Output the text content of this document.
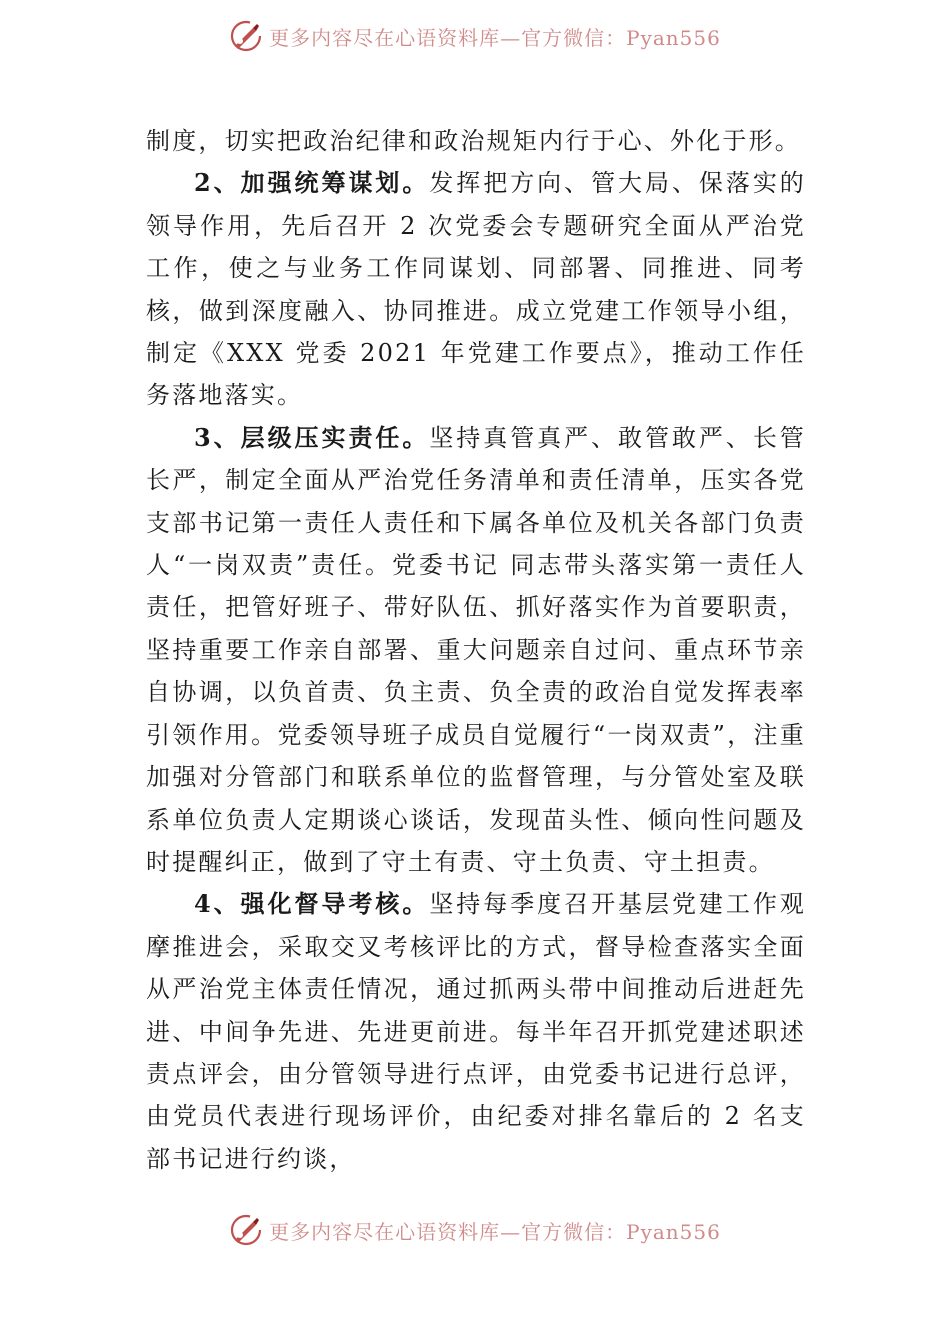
更多内容尽在心语资料库—官方微信：Pyan556

制度，切实把政治纪律和政治规矩内行于心、外化于形。

2、加强统筹谋划。发挥把方向、管大局、保落实的领导作用，先后召开 2 次党委会专题研究全面从严治党工作，使之与业务工作同谋划、同部署、同推进、同考核，做到深度融入、协同推进。成立党建工作领导小组，制定《XXX 党委 2021 年党建工作要点》，推动工作任务落地落实。

3、层级压实责任。坚持真管真严、敢管敢严、长管长严，制定全面从严治党任务清单和责任清单，压实各党支部书记第一责任人责任和下属各单位及机关各部门负责人“一岗双责”责任。党委书记 同志带头落实第一责任人责任，把管好班子、带好队伍、抓好落实作为首要职责，坚持重要工作亲自部署、重大问题亲自过问、重点环节亲自协调，以负首责、负主责、负全责的政治自觉发挥表率引领作用。党委领导班子成员自觉履行“一岗双责”，注重加强对分管部门和联系单位的监督管理，与分管处室及联系单位负责人定期谈心谈话，发现苗头性、倾向性问题及时提醒纠正，做到了守土有责、守土负责、守土担责。

4、强化督导考核。坚持每季度召开基层党建工作观摩推进会，采取交叉考核评比的方式，督导检查落实全面从严治党主体责任情况，通过抓两头带中间推动后进赶先进、中间争先进、先进更前进。每半年召开抓党建述职述责点评会，由分管领导进行点评，由党委书记进行总评，由党员代表进行现场评价，由纪委对排名靠后的 2 名支部书记进行约谈，

更多内容尽在心语资料库—官方微信：Pyan556
